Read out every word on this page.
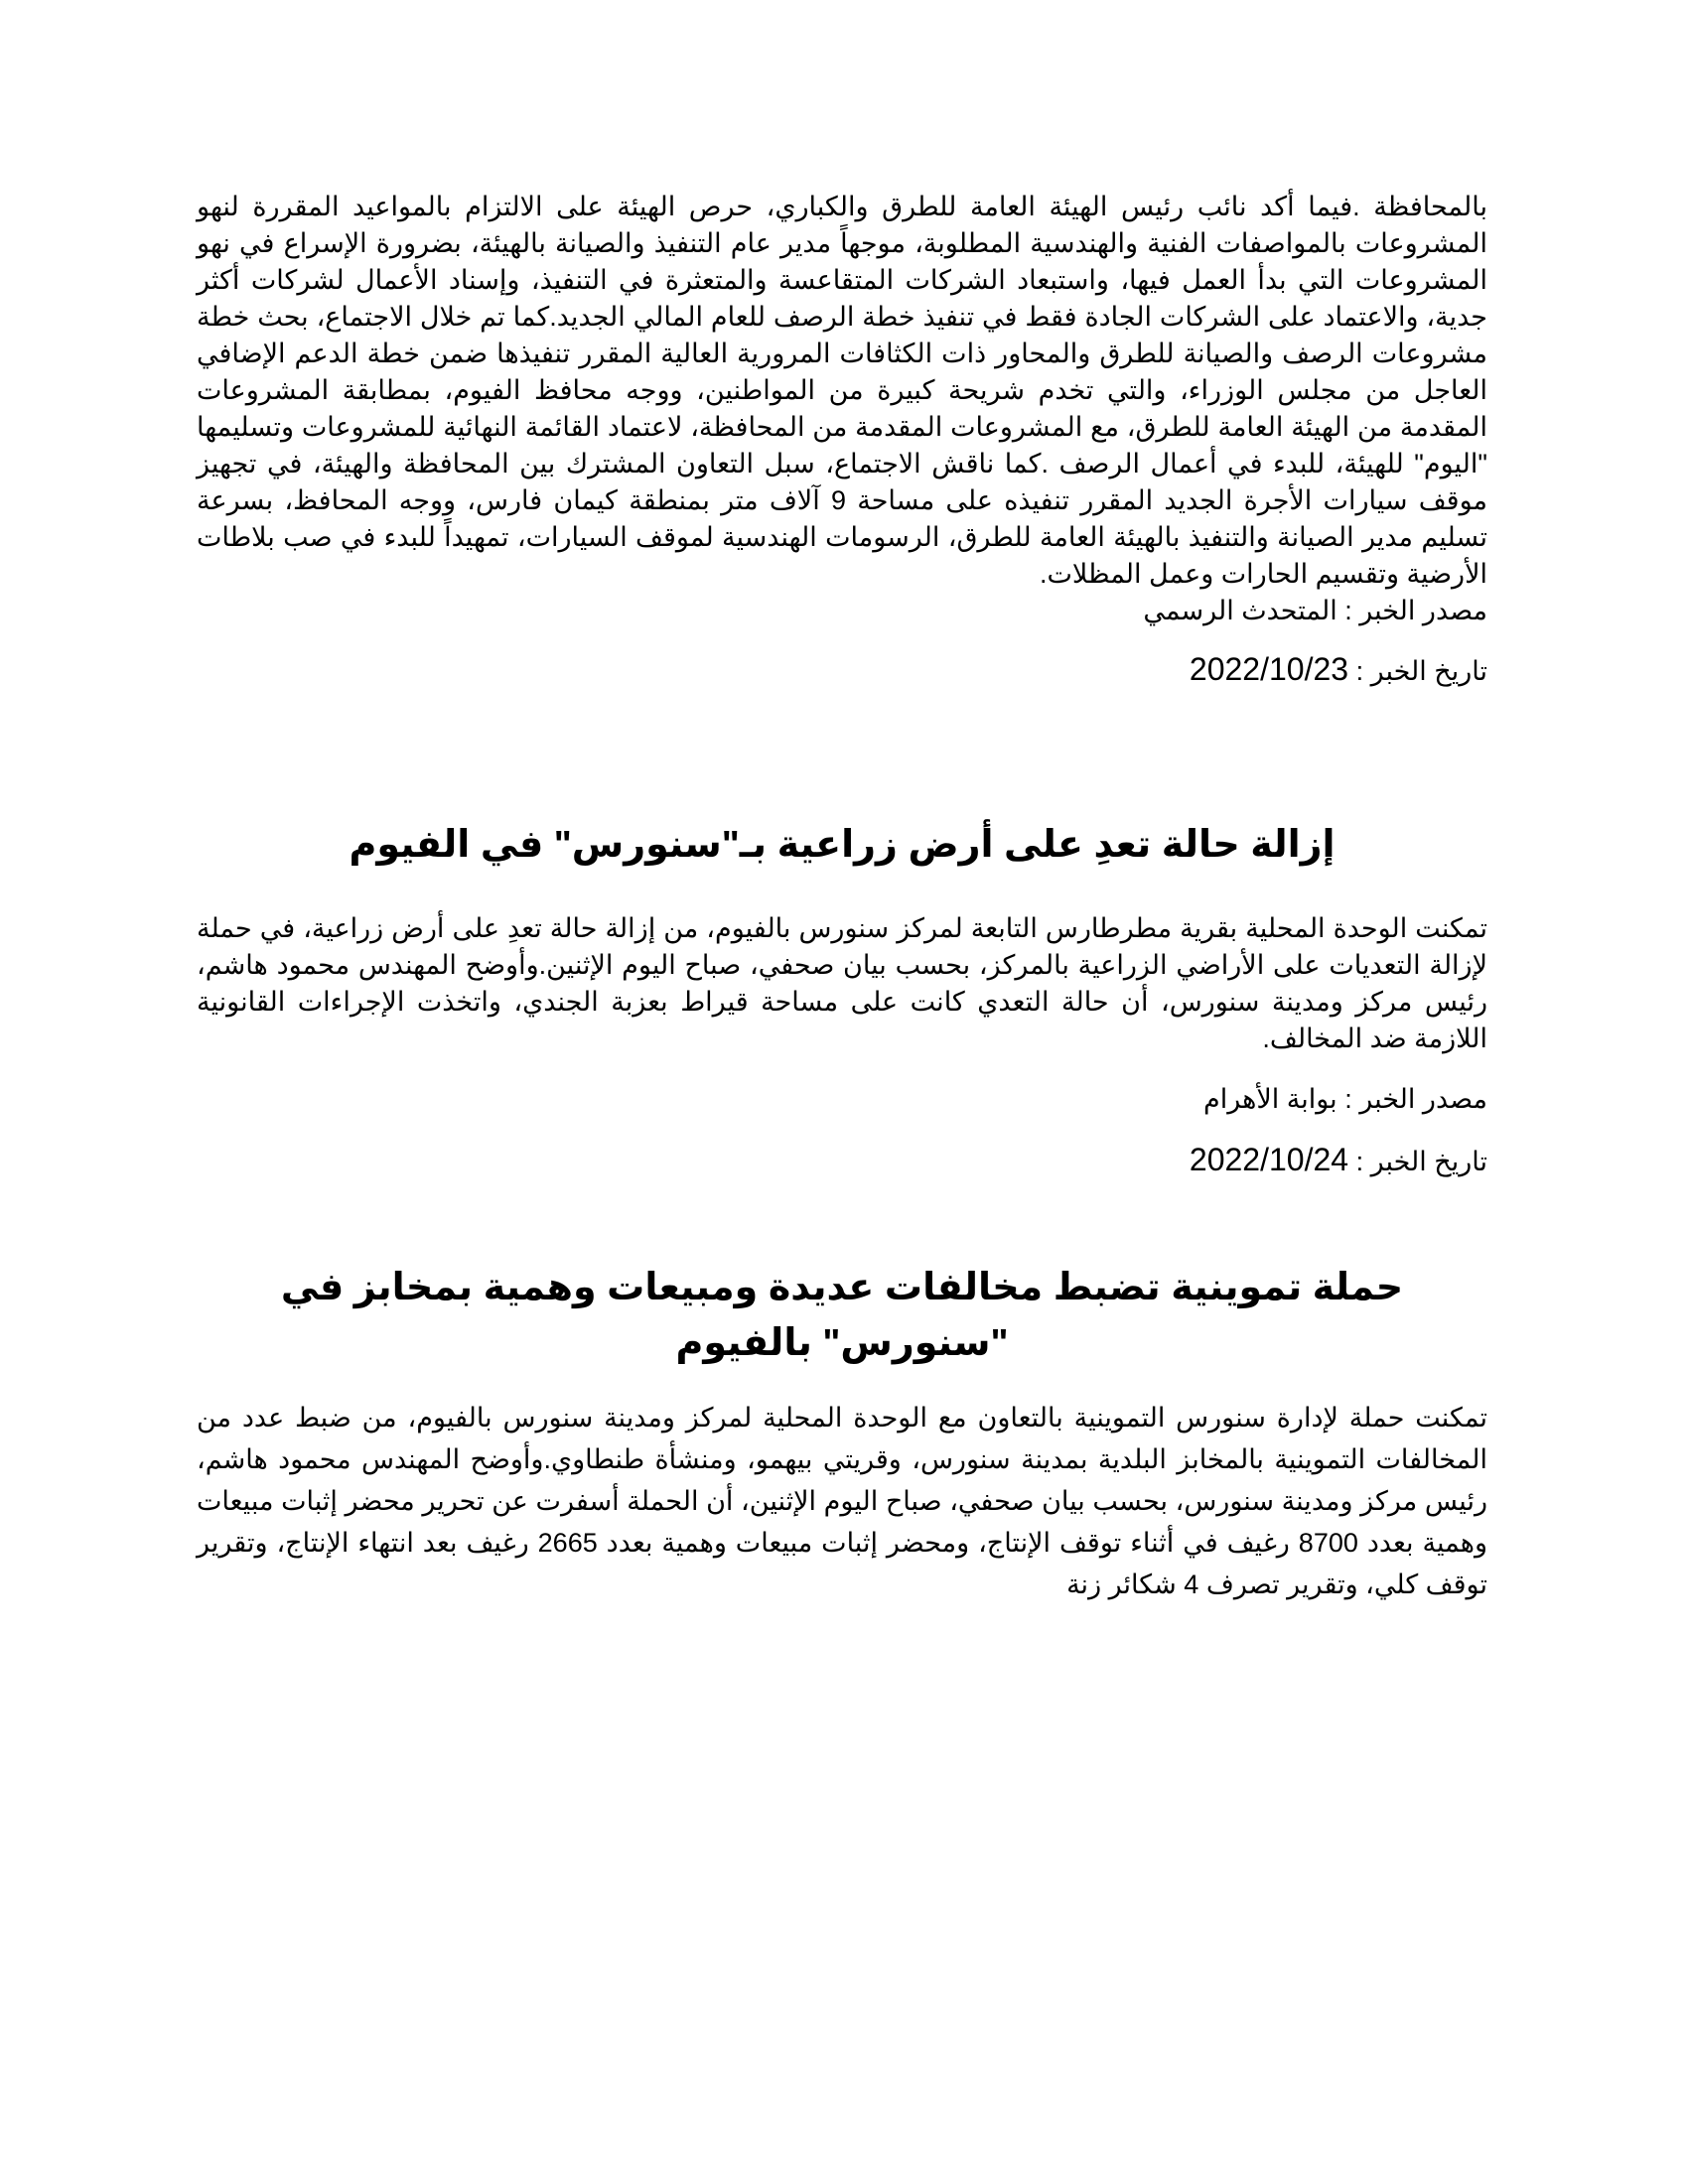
بالمحافظة .فيما أكد نائب رئيس الهيئة العامة للطرق والكباري، حرص الهيئة على الالتزام بالمواعيد المقررة لنهو المشروعات بالمواصفات الفنية والهندسية المطلوبة، موجهاً مدير عام التنفيذ والصيانة بالهيئة، بضرورة الإسراع في نهو المشروعات التي بدأ العمل فيها، واستبعاد الشركات المتقاعسة والمتعثرة في التنفيذ، وإسناد الأعمال لشركات أكثر جدية، والاعتماد على الشركات الجادة فقط في تنفيذ خطة الرصف للعام المالي الجديد.كما تم خلال الاجتماع، بحث خطة مشروعات الرصف والصيانة للطرق والمحاور ذات الكثافات المرورية العالية المقرر تنفيذها ضمن خطة الدعم الإضافي العاجل من مجلس الوزراء، والتي تخدم شريحة كبيرة من المواطنين، ووجه محافظ الفيوم، بمطابقة المشروعات المقدمة من الهيئة العامة للطرق، مع المشروعات المقدمة من المحافظة، لاعتماد القائمة النهائية للمشروعات وتسليمها "اليوم" للهيئة، للبدء في أعمال الرصف .كما ناقش الاجتماع، سبل التعاون المشترك بين المحافظة والهيئة، في تجهيز موقف سيارات الأجرة الجديد المقرر تنفيذه على مساحة 9 آلاف متر بمنطقة كيمان فارس، ووجه المحافظ، بسرعة تسليم مدير الصيانة والتنفيذ بالهيئة العامة للطرق، الرسومات الهندسية لموقف السيارات، تمهيداً للبدء في صب بلاطات الأرضية وتقسيم الحارات وعمل المظلات.

مصدر الخبر : المتحدث الرسمي

تاريخ الخبر : 2022/10/23

إزالة حالة تعدِ على أرض زراعية بـ"سنورس" في الفيوم

تمكنت الوحدة المحلية بقرية مطرطارس التابعة لمركز سنورس بالفيوم، من إزالة حالة تعدِ على أرض زراعية، في حملة لإزالة التعديات على الأراضي الزراعية بالمركز، بحسب بيان صحفي، صباح اليوم الإثنين.وأوضح المهندس محمود هاشم، رئيس مركز ومدينة سنورس، أن حالة التعدي كانت على مساحة قيراط بعزبة الجندي، واتخذت الإجراءات القانونية اللازمة ضد المخالف.

مصدر الخبر : بوابة الأهرام

تاريخ الخبر : 2022/10/24

حملة تموينية تضبط مخالفات عديدة ومبيعات وهمية بمخابز في "سنورس" بالفيوم

تمكنت حملة لإدارة سنورس التموينية بالتعاون مع الوحدة المحلية لمركز ومدينة سنورس بالفيوم، من ضبط عدد من المخالفات التموينية بالمخابز البلدية بمدينة سنورس، وقريتي بيهمو، ومنشأة طنطاوي.وأوضح المهندس محمود هاشم، رئيس مركز ومدينة سنورس، بحسب بيان صحفي، صباح اليوم الإثنين، أن الحملة أسفرت عن تحرير محضر إثبات مبيعات وهمية بعدد 8700 رغيف في أثناء توقف الإنتاج، ومحضر إثبات مبيعات وهمية بعدد 2665 رغيف بعد انتهاء الإنتاج، وتقرير توقف كلي، وتقرير تصرف 4 شكائر زنة
